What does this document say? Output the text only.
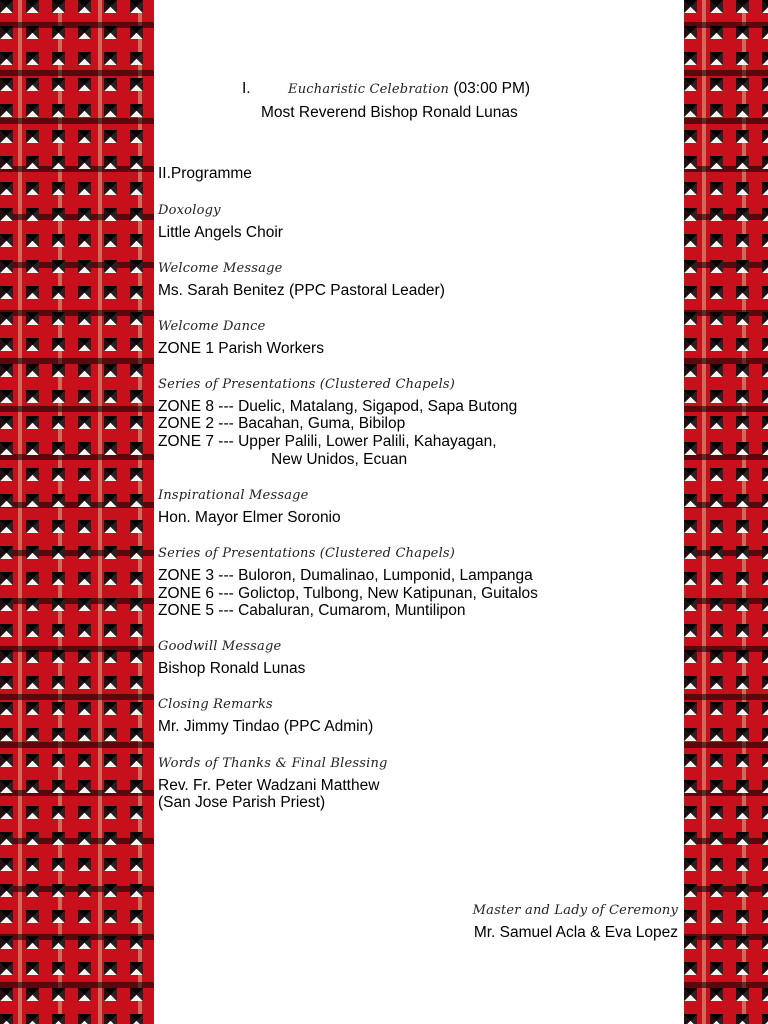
I.	Eucharistic Celebration (03:00 PM)
Most Reverend Bishop Ronald Lunas
II.Programme
Doxology
Little Angels Choir
Welcome Message
Ms. Sarah Benitez (PPC Pastoral Leader)
Welcome Dance
ZONE 1 Parish Workers
Series of Presentations (Clustered Chapels)
ZONE 8 --- Duelic, Matalang, Sigapod, Sapa Butong
ZONE 2 --- Bacahan, Guma, Bibilop
ZONE 7 --- Upper Palili, Lower Palili, Kahayagan,
New Unidos, Ecuan
Inspirational Message
Hon. Mayor Elmer Soronio
Series of Presentations (Clustered Chapels)
ZONE 3 --- Buloron, Dumalinao, Lumponid, Lampanga
ZONE 6 --- Golictop, Tulbong, New Katipunan, Guitalos
ZONE 5 --- Cabaluran, Cumarom, Muntilipon
Goodwill Message
Bishop Ronald Lunas
Closing Remarks
Mr. Jimmy Tindao (PPC Admin)
Words of Thanks & Final Blessing
Rev. Fr. Peter Wadzani Matthew
(San Jose Parish Priest)
Master and Lady of Ceremony
Mr. Samuel Acla & Eva Lopez
